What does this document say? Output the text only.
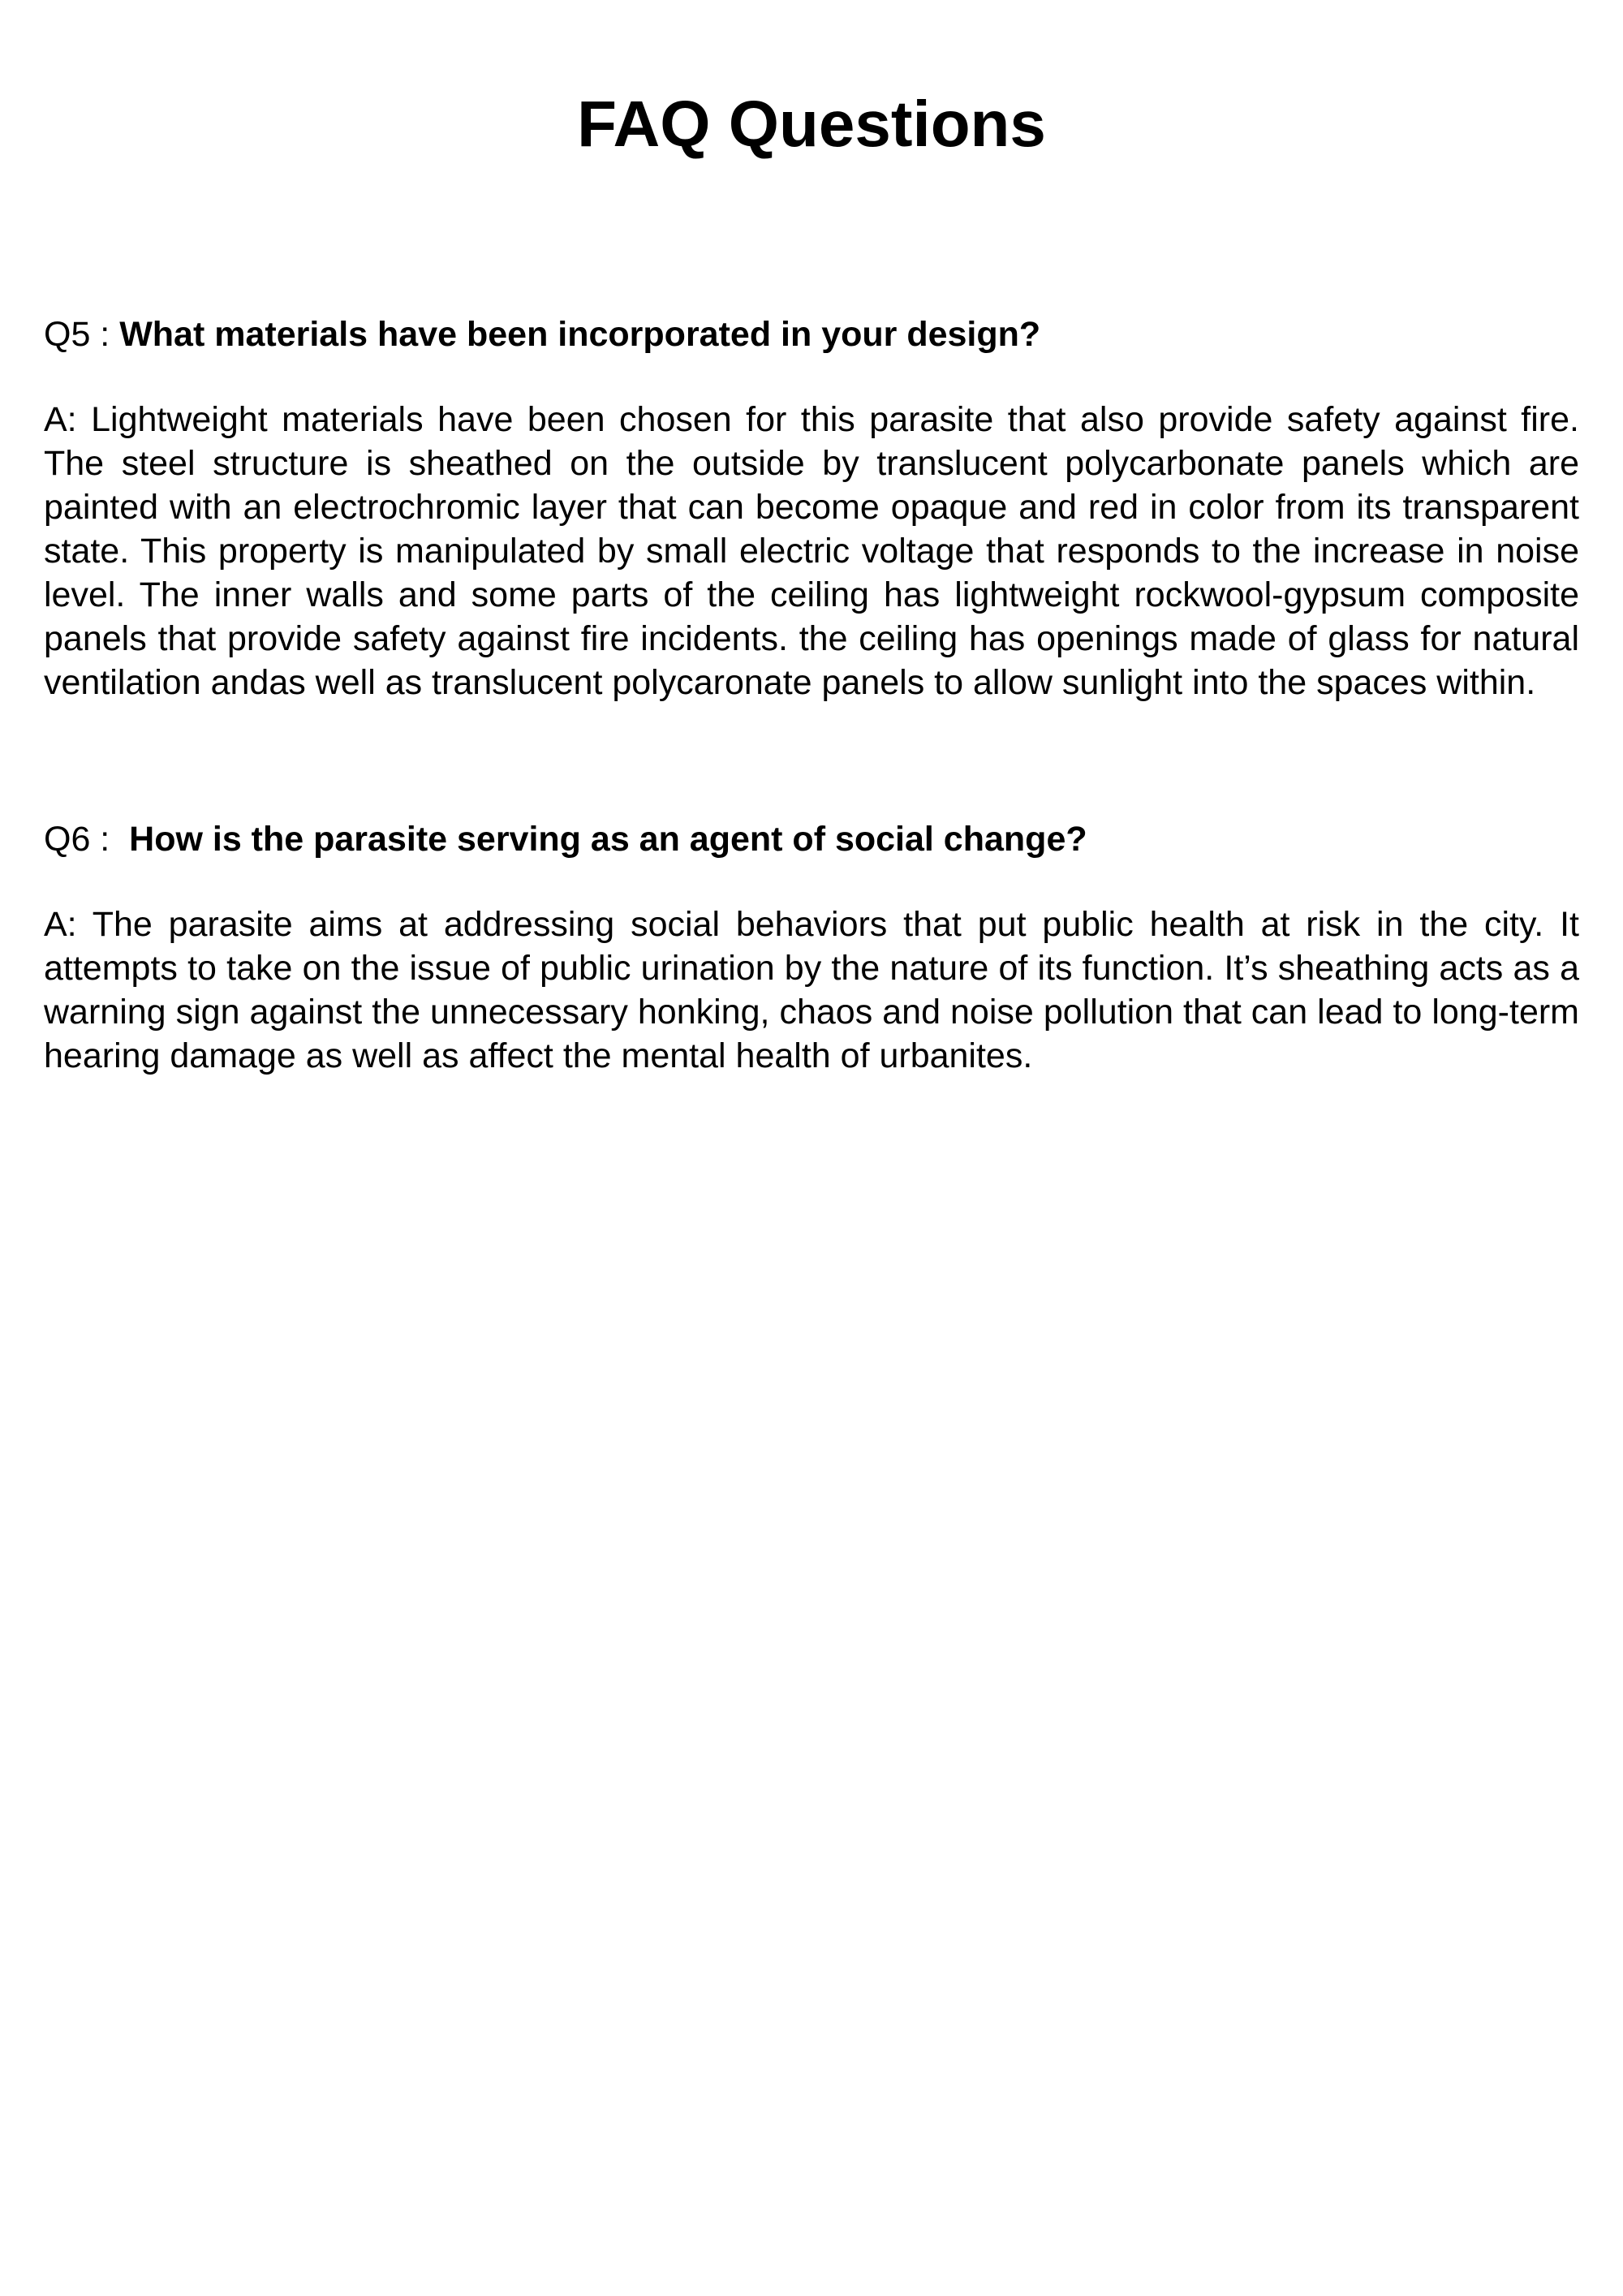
FAQ Questions

Q5 : What materials have been incorporated in your design?

A: Lightweight materials have been chosen for this parasite that also provide safety against fire. The steel structure is sheathed on the outside by translucent polycarbonate panels which are painted with an electrochromic layer that can become opaque and red in color from its transparent state. This property is manipulated by small electric voltage that responds to the increase in noise level. The inner walls and some parts of the ceiling has lightweight rockwool-gypsum composite panels that provide safety against fire incidents. the ceiling has openings made of glass for natural ventilation andas well as translucent polycaronate panels to allow sunlight into the spaces within.

Q6 :  How is the parasite serving as an agent of social change?

A: The parasite aims at addressing social behaviors that put public health at risk in the city. It attempts to take on the issue of public urination by the nature of its function. It’s sheathing acts as a warning sign against the unnecessary honking, chaos and noise pollution that can lead to long-term hearing damage as well as affect the mental health of urbanites.
